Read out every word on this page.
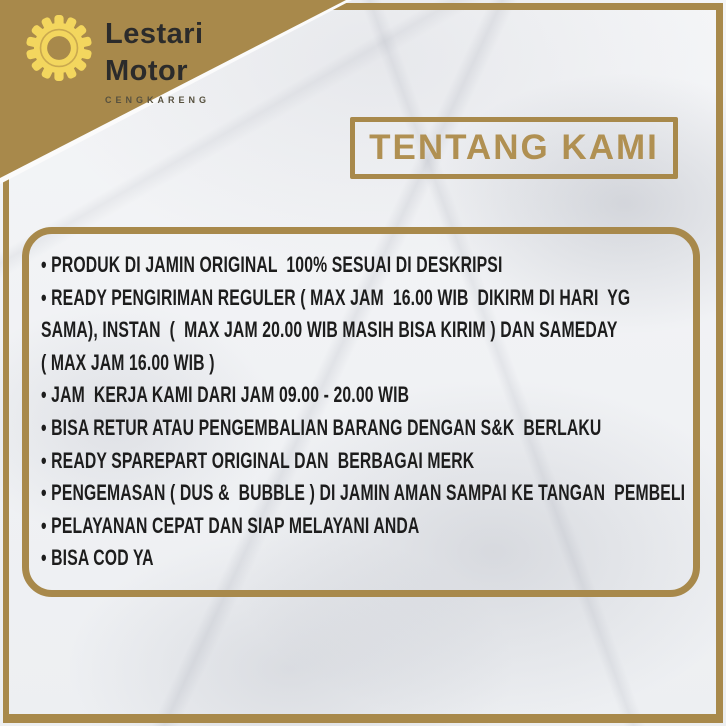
Lestari
Motor
CENGKARENG
TENTANG KAMI
• PRODUK DI JAMIN ORIGINAL  100% SESUAI DI DESKRIPSI
• READY PENGIRIMAN REGULER ( MAX JAM  16.00 WIB  DIKIRM DI HARI  YG
SAMA), INSTAN  (  MAX JAM 20.00 WIB MASIH BISA KIRIM ) DAN SAMEDAY
( MAX JAM 16.00 WIB )
• JAM  KERJA KAMI DARI JAM 09.00 - 20.00 WIB
• BISA RETUR ATAU PENGEMBALIAN BARANG DENGAN S&K  BERLAKU
• READY SPAREPART ORIGINAL DAN  BERBAGAI MERK
• PENGEMASAN ( DUS &  BUBBLE ) DI JAMIN AMAN SAMPAI KE TANGAN  PEMBELI
• PELAYANAN CEPAT DAN SIAP MELAYANI ANDA
• BISA COD YA
